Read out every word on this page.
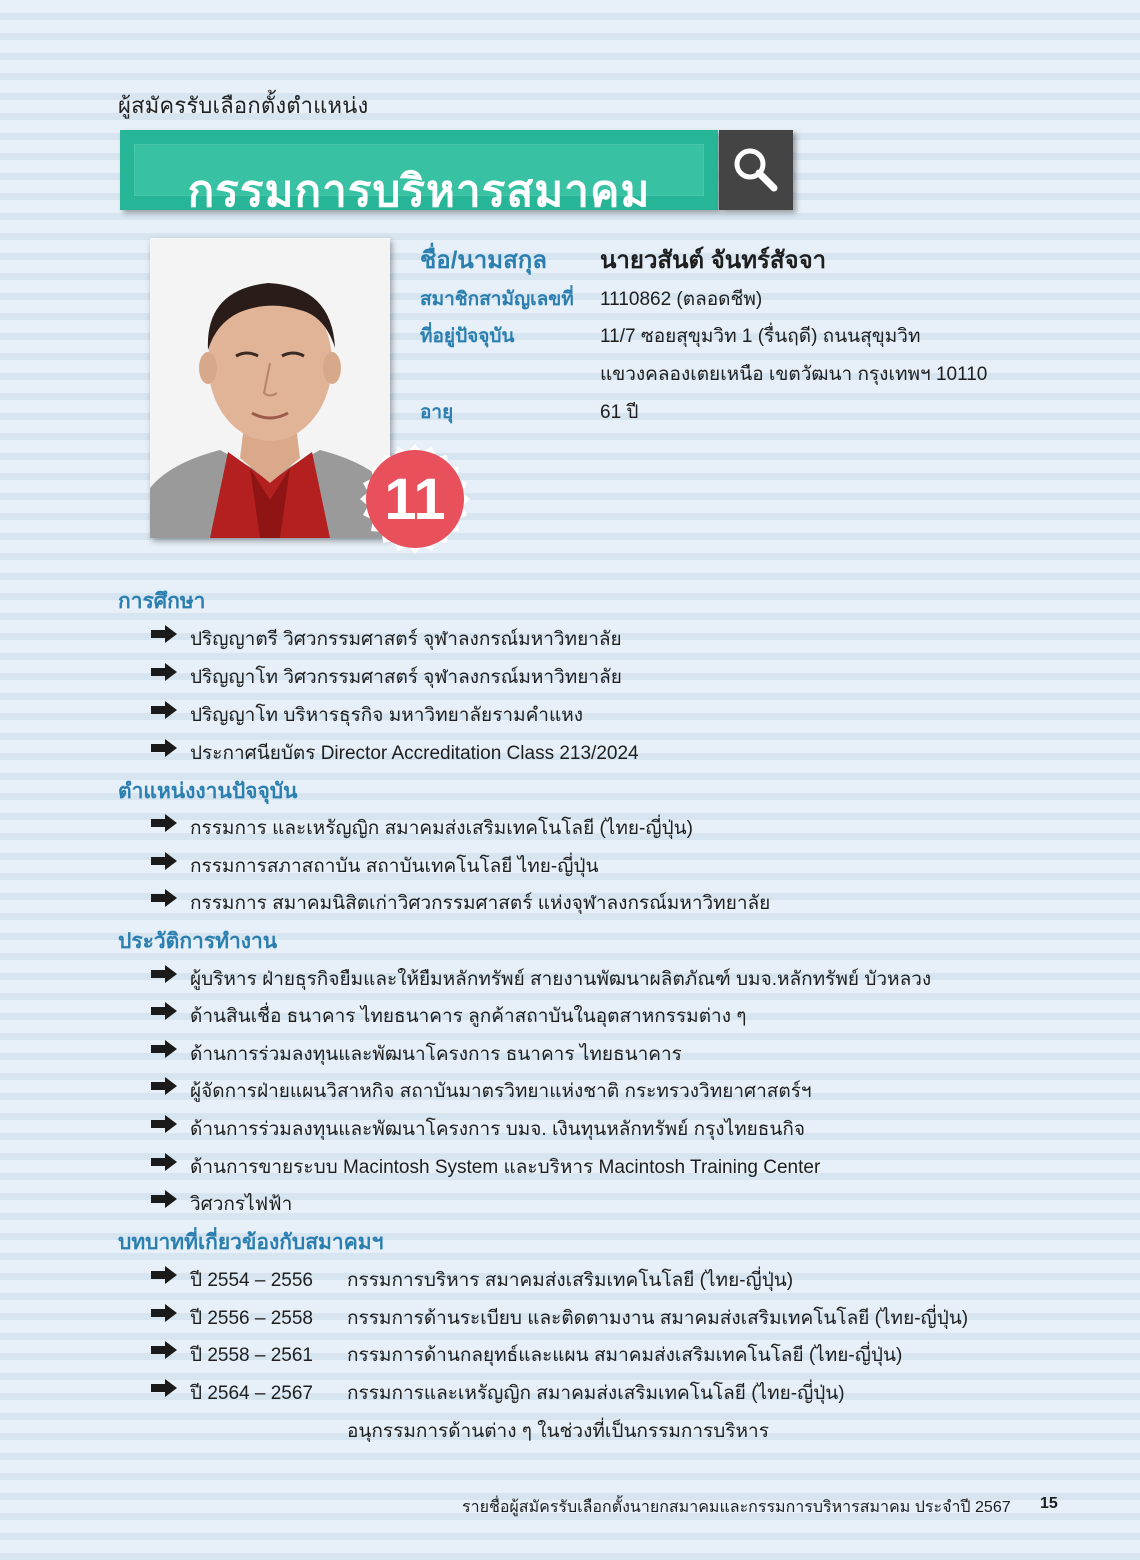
ผู้สมัครรับเลือกตั้งตำแหน่ง
กรรมการบริหารสมาคม
11
ชื่อ/นามสกุล นายวสันต์ จันทร์สัจจา
สมาชิกสามัญเลขที่ 1110862 (ตลอดชีพ)
ที่อยู่ปัจจุบัน	11/7 ซอยสุขุมวิท 1 (รื่นฤดี) ถนนสุขุมวิท
แขวงคลองเตยเหนือ เขตวัฒนา กรุงเทพฯ 10110
อายุ	61 ปี
การศึกษา
ปริญญาตรี วิศวกรรมศาสตร์ จุฬาลงกรณ์มหาวิทยาลัย
ปริญญาโท วิศวกรรมศาสตร์ จุฬาลงกรณ์มหาวิทยาลัย
ปริญญาโท บริหารธุรกิจ มหาวิทยาลัยรามคำแหง
ประกาศนียบัตร Director Accreditation Class 213/2024
ตำแหน่งงานปัจจุบัน
กรรมการ และเหรัญญิก สมาคมส่งเสริมเทคโนโลยี (ไทย-ญี่ปุ่น)
กรรมการสภาสถาบัน สถาบันเทคโนโลยี ไทย-ญี่ปุ่น
กรรมการ สมาคมนิสิตเก่าวิศวกรรมศาสตร์ แห่งจุฬาลงกรณ์มหาวิทยาลัย
ประวัติการทำงาน
ผู้บริหาร ฝ่ายธุรกิจยืมและให้ยืมหลักทรัพย์ สายงานพัฒนาผลิตภัณฑ์ บมจ.หลักทรัพย์ บัวหลวง
ด้านสินเชื่อ ธนาคาร ไทยธนาคาร ลูกค้าสถาบันในอุตสาหกรรมต่าง ๆ
ด้านการร่วมลงทุนและพัฒนาโครงการ ธนาคาร ไทยธนาคาร
ผู้จัดการฝ่ายแผนวิสาหกิจ สถาบันมาตรวิทยาแห่งชาติ กระทรวงวิทยาศาสตร์ฯ
ด้านการร่วมลงทุนและพัฒนาโครงการ บมจ. เงินทุนหลักทรัพย์ กรุงไทยธนกิจ
ด้านการขายระบบ Macintosh System และบริหาร Macintosh Training Center
วิศวกรไฟฟ้า
บทบาทที่เกี่ยวข้องกับสมาคมฯ
ปี 2554 – 2556 กรรมการบริหาร สมาคมส่งเสริมเทคโนโลยี (ไทย-ญี่ปุ่น)
ปี 2556 – 2558 กรรมการด้านระเบียบ และติดตามงาน สมาคมส่งเสริมเทคโนโลยี (ไทย-ญี่ปุ่น)
ปี 2558 – 2561 กรรมการด้านกลยุทธ์และแผน สมาคมส่งเสริมเทคโนโลยี (ไทย-ญี่ปุ่น)
ปี 2564 – 2567 กรรมการและเหรัญญิก สมาคมส่งเสริมเทคโนโลยี (ไทย-ญี่ปุ่น)
อนุกรรมการด้านต่าง ๆ ในช่วงที่เป็นกรรมการบริหาร
รายชื่อผู้สมัครรับเลือกตั้งนายกสมาคมและกรรมการบริหารสมาคม ประจำปี 2567 15
